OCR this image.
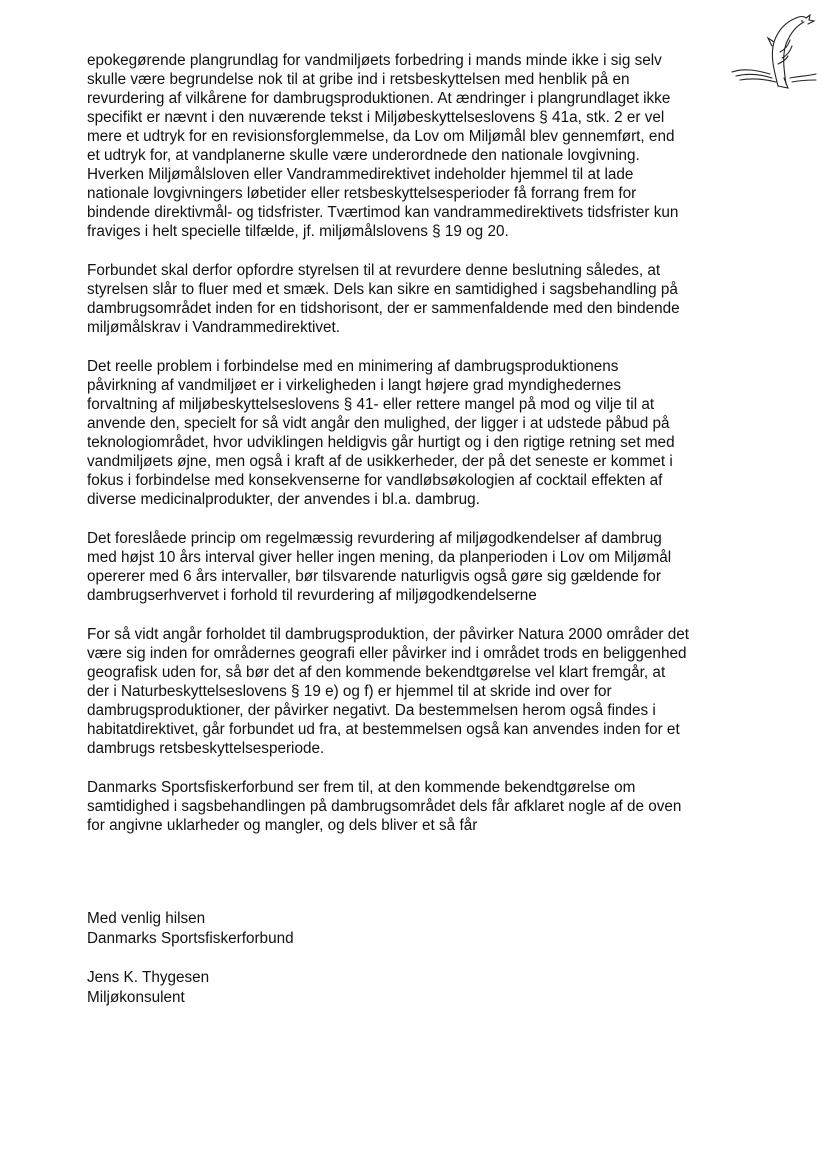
epokegørende plangrundlag for vandmiljøets forbedring i mands minde ikke i sig selv
skulle være begrundelse nok til at gribe ind i retsbeskyttelsen med henblik på en
revurdering af vilkårene for dambrugsproduktionen. At ændringer i plangrundlaget ikke
specifikt er nævnt i den nuværende tekst i Miljøbeskyttelseslovens § 41a, stk. 2 er vel
mere et udtryk for en revisionsforglemmelse, da Lov om Miljømål blev gennemført, end
et udtryk for, at vandplanerne skulle være underordnede den nationale lovgivning.
Hverken Miljømålsloven eller Vandrammedirektivet indeholder hjemmel til at lade
nationale lovgivningers løbetider eller retsbeskyttelsesperioder få forrang frem for
bindende direktivmål- og tidsfrister. Tværtimod kan vandrammedirektivets tidsfrister kun
fraviges i helt specielle tilfælde, jf. miljømålslovens § 19 og 20.
Forbundet skal derfor opfordre styrelsen til at revurdere denne beslutning således, at
styrelsen slår to fluer med et smæk. Dels kan sikre en samtidighed i sagsbehandling på
dambrugsområdet inden for en tidshorisont, der er sammenfaldende med den bindende
miljømålskrav i Vandrammedirektivet.
Det reelle problem i forbindelse med en minimering af dambrugsproduktionens
påvirkning af vandmiljøet er i virkeligheden i langt højere grad myndighedernes
forvaltning af miljøbeskyttelseslovens § 41- eller rettere mangel på mod og vilje til at
anvende den, specielt for så vidt angår den mulighed, der ligger i at udstede påbud på
teknologiområdet, hvor udviklingen heldigvis går hurtigt og i den rigtige retning set med
vandmiljøets øjne, men også i kraft af de usikkerheder, der på det seneste er kommet i
fokus i forbindelse med konsekvenserne for vandløbsøkologien af cocktail effekten af
diverse medicinalprodukter, der anvendes i bl.a. dambrug.
Det foreslåede princip om regelmæssig revurdering af miljøgodkendelser af dambrug
med højst 10 års interval giver heller ingen mening, da planperioden i Lov om Miljømål
opererer med 6 års intervaller, bør tilsvarende naturligvis også gøre sig gældende for
dambrugserhvervet i forhold til revurdering af miljøgodkendelserne
For så vidt angår forholdet til dambrugsproduktion, der påvirker Natura 2000 områder det
være sig inden for områdernes geografi eller påvirker ind i området trods en beliggenhed
geografisk uden for, så bør det af den kommende bekendtgørelse vel klart fremgår, at
der i Naturbeskyttelseslovens § 19 e) og f) er hjemmel til at skride ind over for
dambrugsproduktioner, der påvirker negativt. Da bestemmelsen herom også findes i
habitatdirektivet, går forbundet ud fra, at bestemmelsen også kan anvendes inden for et
dambrugs retsbeskyttelsesperiode.
Danmarks Sportsfiskerforbund ser frem til, at den kommende bekendtgørelse om
samtidighed i sagsbehandlingen på dambrugsområdet dels får afklaret nogle af de oven
for angivne uklarheder og mangler, og dels bliver et så får
Med venlig hilsen
Danmarks Sportsfiskerforbund
Jens K. Thygesen
Miljøkonsulent
